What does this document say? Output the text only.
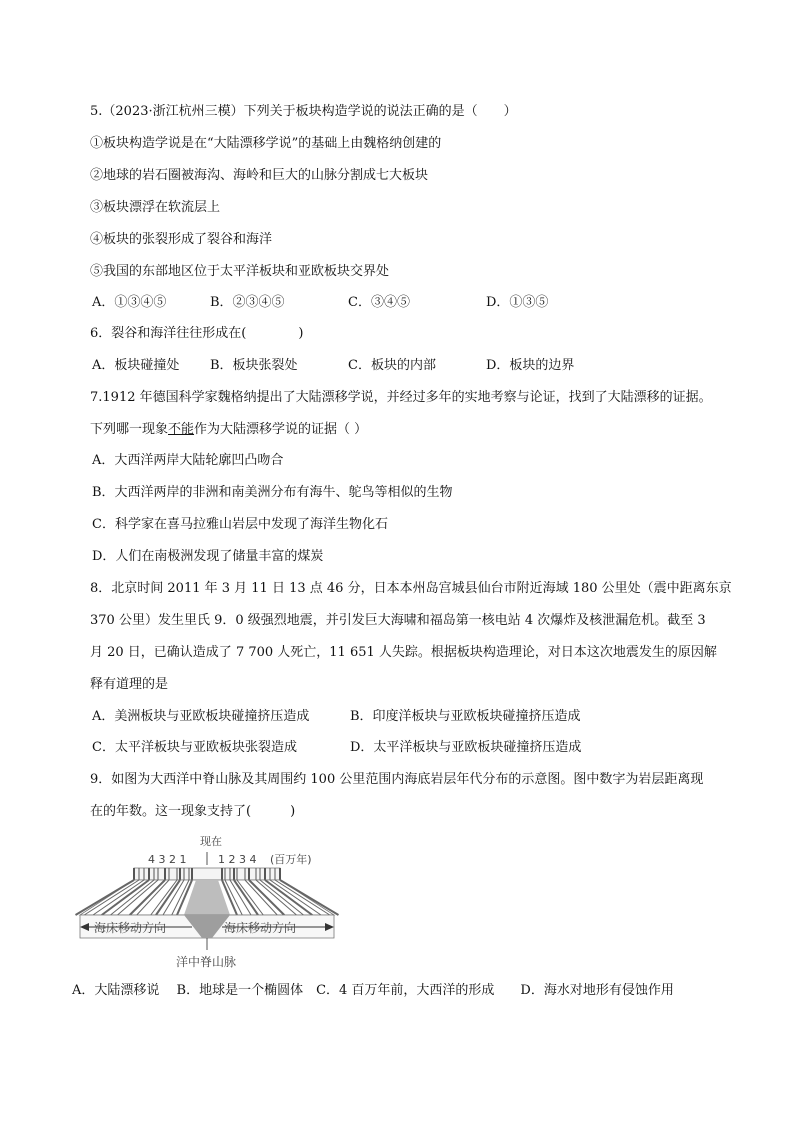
5.（2023·浙江杭州三模）下列关于板块构造学说的说法正确的是（　　）
①板块构造学说是在“大陆漂移学说”的基础上由魏格纳创建的
②地球的岩石圈被海沟、海岭和巨大的山脉分割成七大板块
③板块漂浮在软流层上
④板块的张裂形成了裂谷和海洋
⑤我国的东部地区位于太平洋板块和亚欧板块交界处
A．①③④⑤	B．②③④⑤	C．③④⑤	D．①③⑤
6．裂谷和海洋往往形成在(　　　　)
A．板块碰撞处 B．板块张裂处	C．板块的内部	D．板块的边界
7.1912 年德国科学家魏格纳提出了大陆漂移学说，并经过多年的实地考察与论证，找到了大陆漂移的证据。
下列哪一现象不能作为大陆漂移学说的证据（ ）
A．大西洋两岸大陆轮廓凹凸吻合
B．大西洋两岸的非洲和南美洲分布有海牛、鸵鸟等相似的生物
C．科学家在喜马拉雅山岩层中发现了海洋生物化石
D．人们在南极洲发现了储量丰富的煤炭
8．北京时间 2011 年 3 月 11 日 13 点 46 分，日本本州岛宫城县仙台市附近海域 180 公里处（震中距离东京
370 公里）发生里氏 9．0 级强烈地震，并引发巨大海啸和福岛第一核电站 4 次爆炸及核泄漏危机。截至 3
月 20 日，已确认造成了 7 700 人死亡，11 651 人失踪。根据板块构造理论，对日本这次地震发生的原因解
释有道理的是
A．美洲板块与亚欧板块碰撞挤压造成	B．印度洋板块与亚欧板块碰撞挤压造成
C．太平洋板块与亚欧板块张裂造成	D．太平洋板块与亚欧板块碰撞挤压造成
9．如图为大西洋中脊山脉及其周围约 100 公里范围内海底岩层年代分布的示意图。图中数字为岩层距离现
在的年数。这一现象支持了(　　　)
现在
4 3 2 1	1 2 3 4 (百万年)
海床移动方向	海床移动方向
洋中脊山脉
A．大陆漂移说　 B．地球是一个椭圆体　C．4 百万年前，大西洋的形成　　D．海水对地形有侵蚀作用
